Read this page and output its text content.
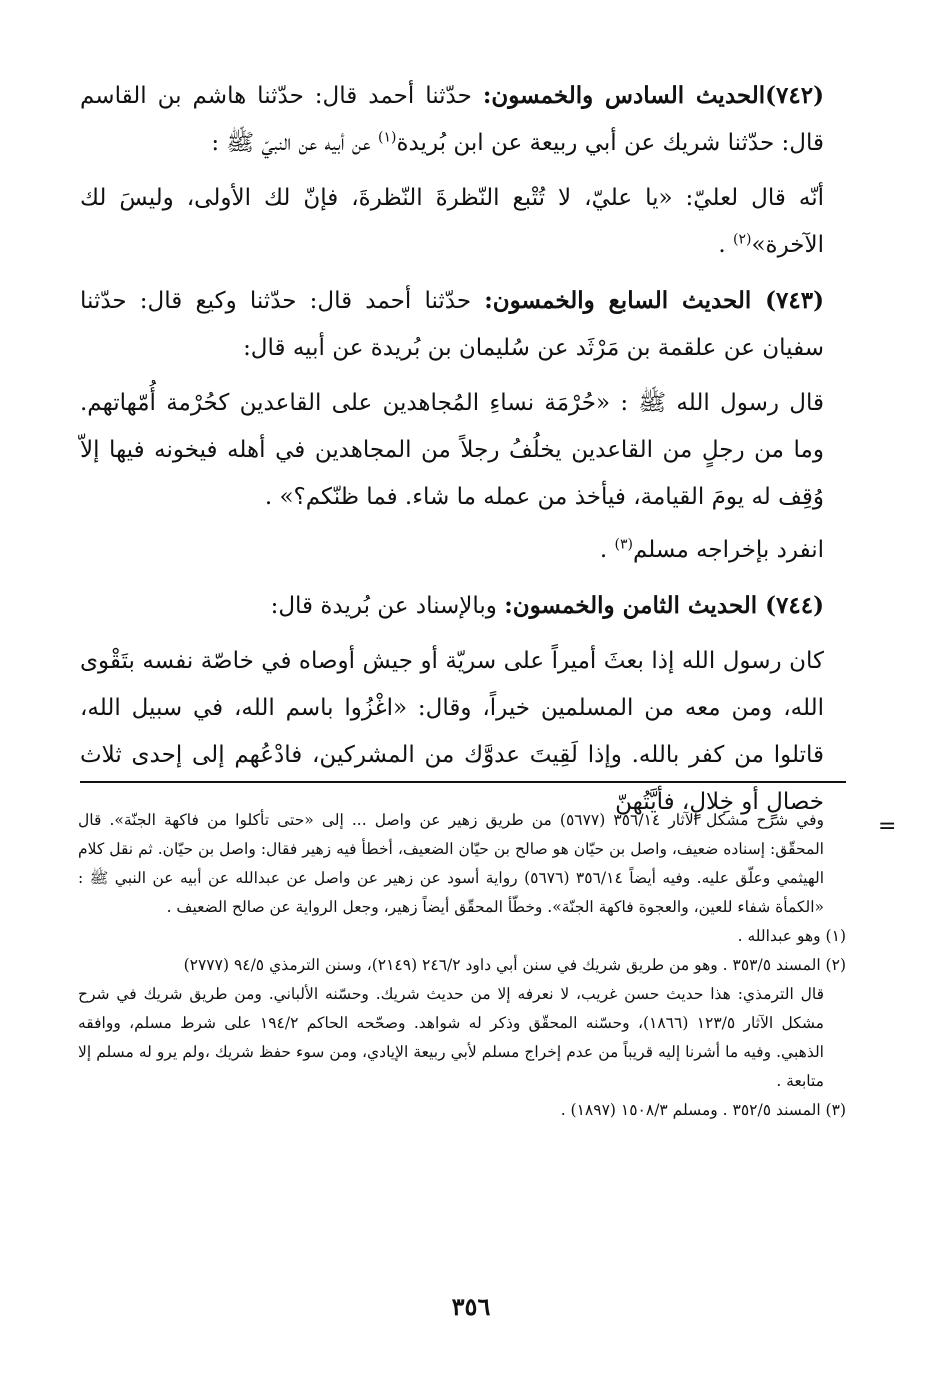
(٧٤٢)الحديث السادس والخمسون: حدّثنا أحمد قال: حدّثنا هاشم بن القاسم قال: حدّثنا شريك عن أبي ربيعة عن ابن بُريدة$^{(١)}$ عن أبيه عن النبيّ ﷺ :

أنّه قال لعليّ: «يا عليّ، لا تُتْبع النّظرةَ النّظرةَ، فإنّ لك الأولى، وليسَ لك الآخرة»$^{(٢)}$ .

(٧٤٣) الحديث السابع والخمسون: حدّثنا أحمد قال: حدّثنا وكيع قال: حدّثنا سفيان عن علقمة بن مَرْثَد عن سُليمان بن بُريدة عن أبيه قال:

قال رسول الله ﷺ : «حُرْمَة نساءِ المُجاهدين على القاعدين كحُرْمة أُمّهاتهم. وما من رجلٍ من القاعدين يخلُفُ رجلاً من المجاهدين في أهله فيخونه فيها إلاّ وُقِف له يومَ القيامة، فيأخذ من عمله ما شاء. فما ظنّكم؟» .

انفرد بإخراجه مسلم$^{(٣)}$ .

(٧٤٤) الحديث الثامن والخمسون: وبالإسناد عن بُريدة قال:

كان رسول الله إذا بعثَ أميراً على سريّة أو جيش أوصاه في خاصّة نفسه بتَقْوى الله، ومن معه من المسلمين خيراً، وقال: «اغْزُوا باسم الله، في سبيل الله، قاتلوا من كفر بالله. وإذا لَقِيتَ عدوَّك من المشركين، فادْعُهم إلى إحدى ثلاث خصالٍ أو خِلالٍ، فأيَّتُهنّ

=

وفي شرح مشكل الآثار ٣٥٦/١٤ (٥٦٧٧) من طريق زهير عن واصل ... إلى «حتى تأكلوا من فاكهة الجنّة». قال المحقّق: إسناده ضعيف، واصل بن حيّان هو صالح بن حيّان الضعيف، أخطأ فيه زهير فقال: واصل بن حيّان. ثم نقل كلام الهيثمي وعلّق عليه. وفيه أيضاً ٣٥٦/١٤ (٥٦٧٦) رواية أسود عن زهير عن واصل عن عبدالله عن أبيه عن النبي ﷺ : «الكمأة شفاء للعين، والعجوة فاكهة الجنّة». وخطّأ المحقّق أيضاً زهير، وجعل الرواية عن صالح الضعيف .

(١) وهو عبدالله .

(٢) المسند ٣٥٣/٥ . وهو من طريق شريك في سنن أبي داود ٢٤٦/٢ (٢١٤٩)، وسنن الترمذي ٩٤/٥ (٢٧٧٧)

قال الترمذي: هذا حديث حسن غريب، لا نعرفه إلا من حديث شريك. وحسّنه الألباني. ومن طريق شريك في شرح مشكل الآثار ١٢٣/٥ (١٨٦٦)، وحسّنه المحقّق وذكر له شواهد. وصحّحه الحاكم ١٩٤/٢ على شرط مسلم، ووافقه الذهبي. وفيه ما أشرنا إليه قريباً من عدم إخراج مسلم لأبي ربيعة الإيادي، ومن سوء حفظ شريك ،ولم يرو له مسلم إلا متابعة .

(٣) المسند ٣٥٢/٥ . ومسلم ١٥٠٨/٣ (١٨٩٧) .

٣٥٦
